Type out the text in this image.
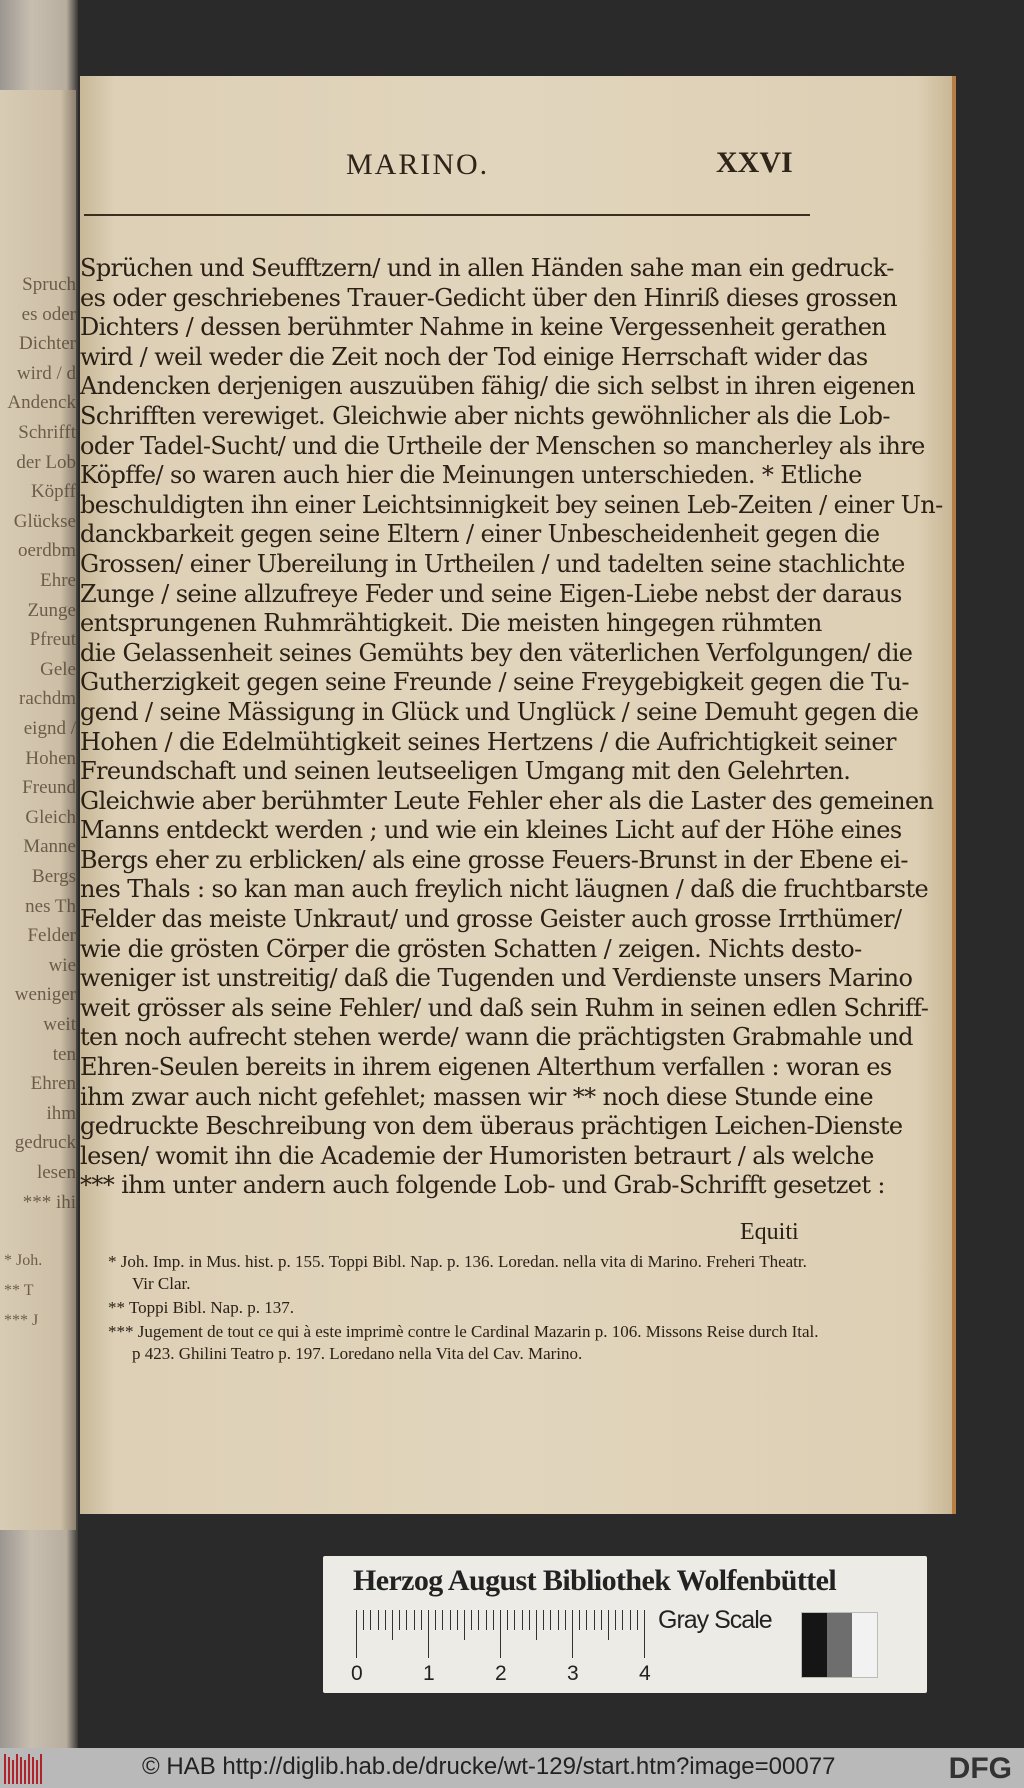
Spruch
es oder
Dichter
wird / d
Andenck
Schrifft
der Lob
Köpff
Glückse
oerdbm
Ehre
Zunge
Pfreut
Gele
rachdm
eignd /
Hohen
Freund
Gleich
Manne
Bergs
nes Th
Felder
wie
weniger
weit
ten
Ehren
ihm
gedruck
lesen
*** ihi
* Joh.
** T
*** J
MARINO.	XXVI
Sprüchen und Seufftzern/ und in allen Händen sahe man ein gedruck-
es oder geschriebenes Trauer-Gedicht über den Hinriß dieses grossen
Dichters / dessen berühmter Nahme in keine Vergessenheit gerathen
wird / weil weder die Zeit noch der Tod einige Herrschaft wider das
Andencken derjenigen auszuüben fähig/ die sich selbst in ihren eigenen
Schrifften verewiget. Gleichwie aber nichts gewöhnlicher als die Lob-
oder Tadel-Sucht/ und die Urtheile der Menschen so mancherley als ihre
Köpffe/ so waren auch hier die Meinungen unterschieden. * Etliche
beschuldigten ihn einer Leichtsinnigkeit bey seinen Leb-Zeiten / einer Un-
danckbarkeit gegen seine Eltern / einer Unbescheidenheit gegen die
Grossen/ einer Ubereilung in Urtheilen / und tadelten seine stachlichte
Zunge / seine allzufreye Feder und seine Eigen-Liebe nebst der daraus
entsprungenen Ruhmrähtigkeit. Die meisten hingegen rühmten
die Gelassenheit seines Gemühts bey den väterlichen Verfolgungen/ die
Gutherzigkeit gegen seine Freunde / seine Freygebigkeit gegen die Tu-
gend / seine Mässigung in Glück und Unglück / seine Demuht gegen die
Hohen / die Edelmühtigkeit seines Hertzens / die Aufrichtigkeit seiner
Freundschaft und seinen leutseeligen Umgang mit den Gelehrten.
Gleichwie aber berühmter Leute Fehler eher als die Laster des gemeinen
Manns entdeckt werden ; und wie ein kleines Licht auf der Höhe eines
Bergs eher zu erblicken/ als eine grosse Feuers-Brunst in der Ebene ei-
nes Thals : so kan man auch freylich nicht läugnen / daß die fruchtbarste
Felder das meiste Unkraut/ und grosse Geister auch grosse Irrthümer/
wie die grösten Cörper die grösten Schatten / zeigen. Nichts desto-
weniger ist unstreitig/ daß die Tugenden und Verdienste unsers Marino
weit grösser als seine Fehler/ und daß sein Ruhm in seinen edlen Schriff-
ten noch aufrecht stehen werde/ wann die prächtigsten Grabmahle und
Ehren-Seulen bereits in ihrem eigenen Alterthum verfallen : woran es
ihm zwar auch nicht gefehlet; massen wir ** noch diese Stunde eine
gedruckte Beschreibung von dem überaus prächtigen Leichen-Dienste
lesen/ womit ihn die Academie der Humoristen betraurt / als welche
*** ihm unter andern auch folgende Lob- und Grab-Schrifft gesetzet :
Equiti
* Joh. Imp. in Mus. hist. p. 155. Toppi Bibl. Nap. p. 136. Loredan. nella vita di Marino. Freheri Theatr. Vir Clar.
** Toppi Bibl. Nap. p. 137.
*** Jugement de tout ce qui à este imprimè contre le Cardinal Mazarin p. 106. Missons Reise durch Ital. p 423. Ghilini Teatro p. 197. Loredano nella Vita del Cav. Marino.
Herzog August Bibliothek Wolfenbüttel
0	1	2	3	4
Gray Scale
© HAB http://diglib.hab.de/drucke/wt-129/start.htm?image=00077	DFG
